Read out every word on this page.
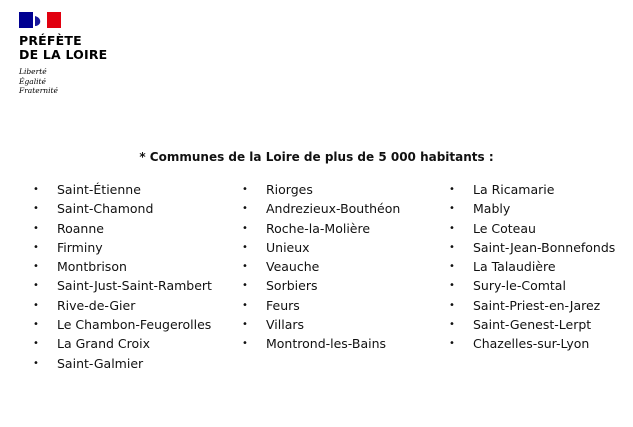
PRÉFÈTE
DE LA LOIRE
Liberté
Égalité
Fraternité
* Communes de la Loire de plus de 5 000 habitants :
• Saint-Étienne
• Saint-Chamond
• Roanne
• Firminy
• Montbrison
• Saint-Just-Saint-Rambert
• Rive-de-Gier
• Le Chambon-Feugerolles
• La Grand Croix
• Saint-Galmier
• Riorges
• Andrezieux-Bouthéon
• Roche-la-Molière
• Unieux
• Veauche
• Sorbiers
• Feurs
• Villars
• Montrond-les-Bains
• La Ricamarie
• Mably
• Le Coteau
• Saint-Jean-Bonnefonds
• La Talaudière
• Sury-le-Comtal
• Saint-Priest-en-Jarez
• Saint-Genest-Lerpt
• Chazelles-sur-Lyon
